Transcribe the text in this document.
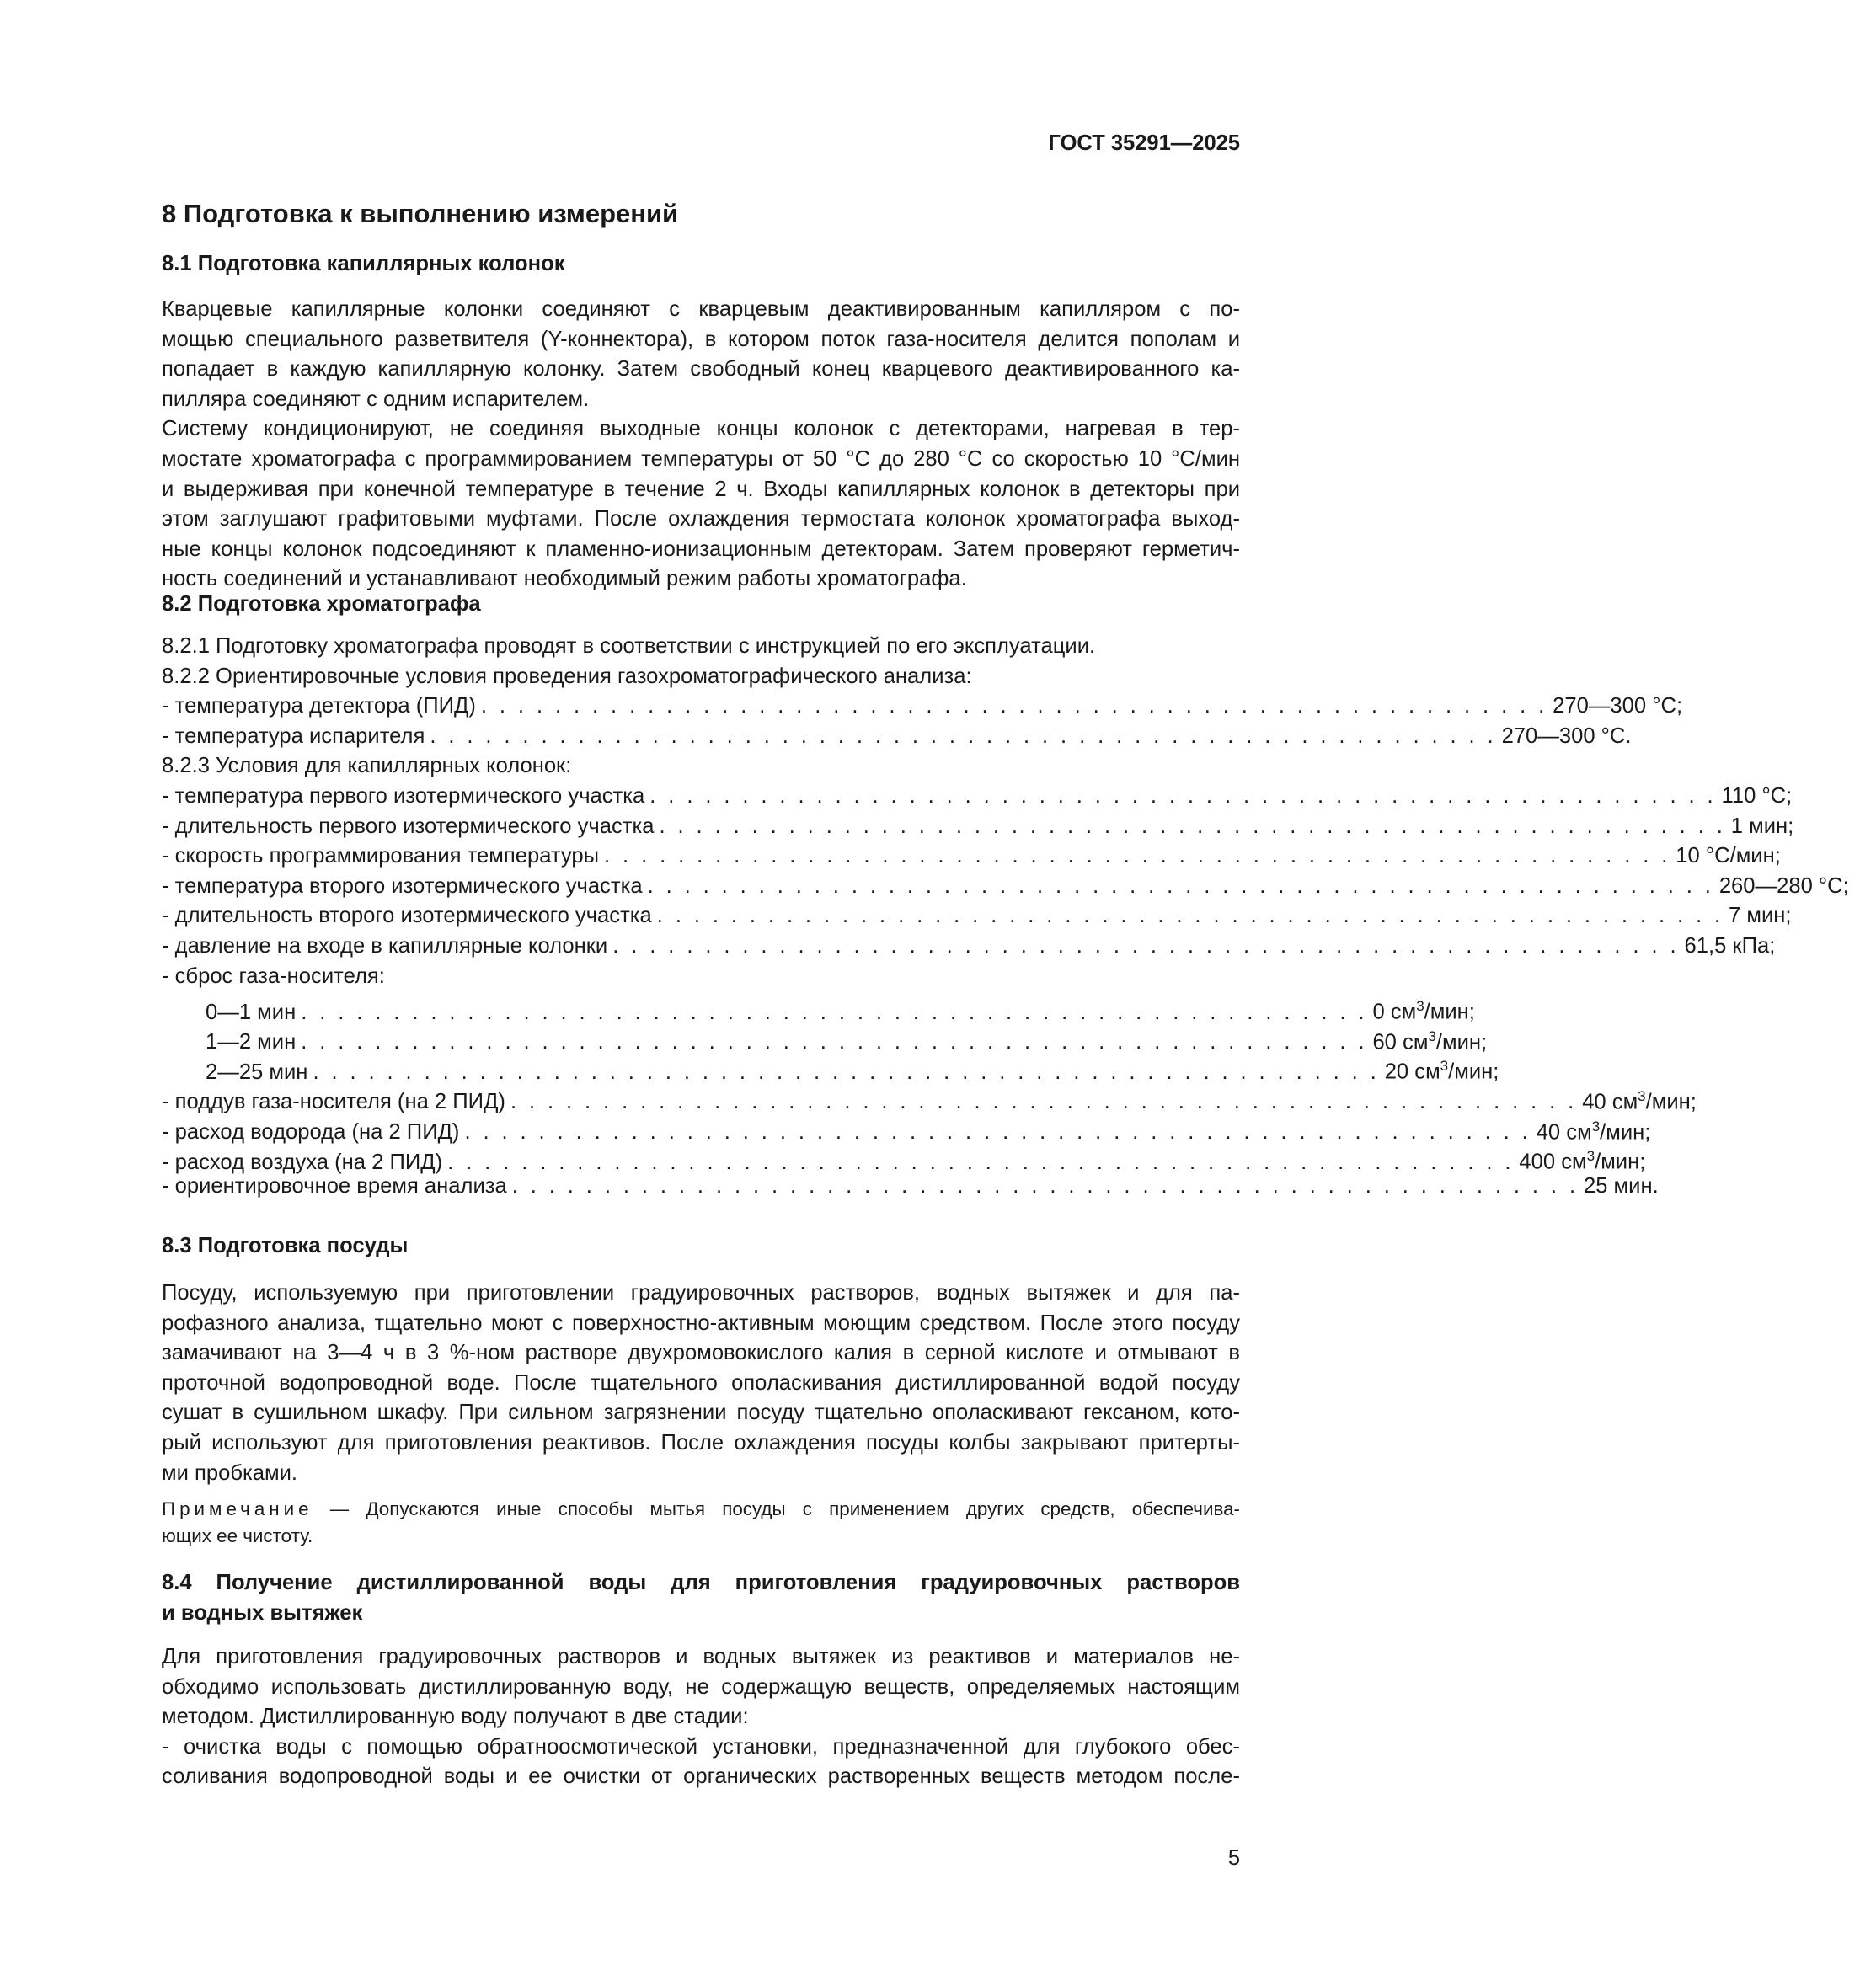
ГОСТ 35291—2025
8 Подготовка к выполнению измерений
8.1 Подготовка капиллярных колонок
Кварцевые капиллярные колонки соединяют с кварцевым деактивированным капилляром с по-
мощью специального разветвителя (Y-коннектора), в котором поток газа-носителя делится пополам и
попадает в каждую капиллярную колонку. Затем свободный конец кварцевого деактивированного ка-
пилляра соединяют с одним испарителем.
Систему кондиционируют, не соединяя выходные концы колонок с детекторами, нагревая в тер-
мостате хроматографа с программированием температуры от 50 °С до 280 °С со скоростью 10 °С/мин
и выдерживая при конечной температуре в течение 2 ч. Входы капиллярных колонок в детекторы при
этом заглушают графитовыми муфтами. После охлаждения термостата колонок хроматографа выход-
ные концы колонок подсоединяют к пламенно-ионизационным детекторам. Затем проверяют герметич-
ность соединений и устанавливают необходимый режим работы хроматографа.
8.2 Подготовка хроматографа
8.2.1 Подготовку хроматографа проводят в соответствии с инструкцией по его эксплуатации.
8.2.2 Ориентировочные условия проведения газохроматографического анализа:
- температура детектора (ПИД) . . . . . . . . . . . . . . . . . . . . . . . . . . . . . . . . . . . . . . . . . . . . . . . . . . . . . . . . . . 270—300 °С;
- температура испарителя . . . . . . . . . . . . . . . . . . . . . . . . . . . . . . . . . . . . . . . . . . . . . . . . . . . . . . . . . . 270—300 °С.
8.2.3 Условия для капиллярных колонок:
- температура первого изотермического участка . . . . . . . . . . . . . . . . . . . . . . . . . . . . . . . . . . . . . . . . . . . . . . . . . . . . . . . . . . 110 °С;
- длительность первого изотермического участка . . . . . . . . . . . . . . . . . . . . . . . . . . . . . . . . . . . . . . . . . . . . . . . . . . . . . . . . . . 1 мин;
- скорость программирования температуры . . . . . . . . . . . . . . . . . . . . . . . . . . . . . . . . . . . . . . . . . . . . . . . . . . . . . . . . . . 10 °С/мин;
- температура второго изотермического участка . . . . . . . . . . . . . . . . . . . . . . . . . . . . . . . . . . . . . . . . . . . . . . . . . . . . . . . . . . 260—280 °С;
- длительность второго изотермического участка . . . . . . . . . . . . . . . . . . . . . . . . . . . . . . . . . . . . . . . . . . . . . . . . . . . . . . . . . . 7 мин;
- давление на входе в капиллярные колонки . . . . . . . . . . . . . . . . . . . . . . . . . . . . . . . . . . . . . . . . . . . . . . . . . . . . . . . . . . 61,5 кПа;
- сброс газа-носителя:
0—1 мин . . . . . . . . . . . . . . . . . . . . . . . . . . . . . . . . . . . . . . . . . . . . . . . . . . . . . . . . . . 0 $см^3$/мин;
1—2 мин . . . . . . . . . . . . . . . . . . . . . . . . . . . . . . . . . . . . . . . . . . . . . . . . . . . . . . . . . . 60 $см^3$/мин;
2—25 мин . . . . . . . . . . . . . . . . . . . . . . . . . . . . . . . . . . . . . . . . . . . . . . . . . . . . . . . . . . 20 $см^3$/мин;
- поддув газа-носителя (на 2 ПИД) . . . . . . . . . . . . . . . . . . . . . . . . . . . . . . . . . . . . . . . . . . . . . . . . . . . . . . . . . . 40 $см^3$/мин;
- расход водорода (на 2 ПИД) . . . . . . . . . . . . . . . . . . . . . . . . . . . . . . . . . . . . . . . . . . . . . . . . . . . . . . . . . . 40 $см^3$/мин;
- расход воздуха (на 2 ПИД) . . . . . . . . . . . . . . . . . . . . . . . . . . . . . . . . . . . . . . . . . . . . . . . . . . . . . . . . . . 400 $см^3$/мин;
- ориентировочное время анализа . . . . . . . . . . . . . . . . . . . . . . . . . . . . . . . . . . . . . . . . . . . . . . . . . . . . . . . . . . 25 мин.
8.3 Подготовка посуды
Посуду, используемую при приготовлении градуировочных растворов, водных вытяжек и для па-
рофазного анализа, тщательно моют с поверхностно-активным моющим средством. После этого посуду
замачивают на 3—4 ч в 3 %-ном растворе двухромовокислого калия в серной кислоте и отмывают в
проточной водопроводной воде. После тщательного ополаскивания дистиллированной водой посуду
сушат в сушильном шкафу. При сильном загрязнении посуду тщательно ополаскивают гексаном, кото-
рый используют для приготовления реактивов. После охлаждения посуды колбы закрывают притерты-
ми пробками.
Примечание — Допускаются иные способы мытья посуды с применением других средств, обеспечива-
ющих ее чистоту.
8.4 Получение дистиллированной воды для приготовления градуировочных растворов
и водных вытяжек
Для приготовления градуировочных растворов и водных вытяжек из реактивов и материалов не-
обходимо использовать дистиллированную воду, не содержащую веществ, определяемых настоящим
методом. Дистиллированную воду получают в две стадии:
- очистка воды с помощью обратноосмотической установки, предназначенной для глубокого обес-
соливания водопроводной воды и ее очистки от органических растворенных веществ методом после-
5
